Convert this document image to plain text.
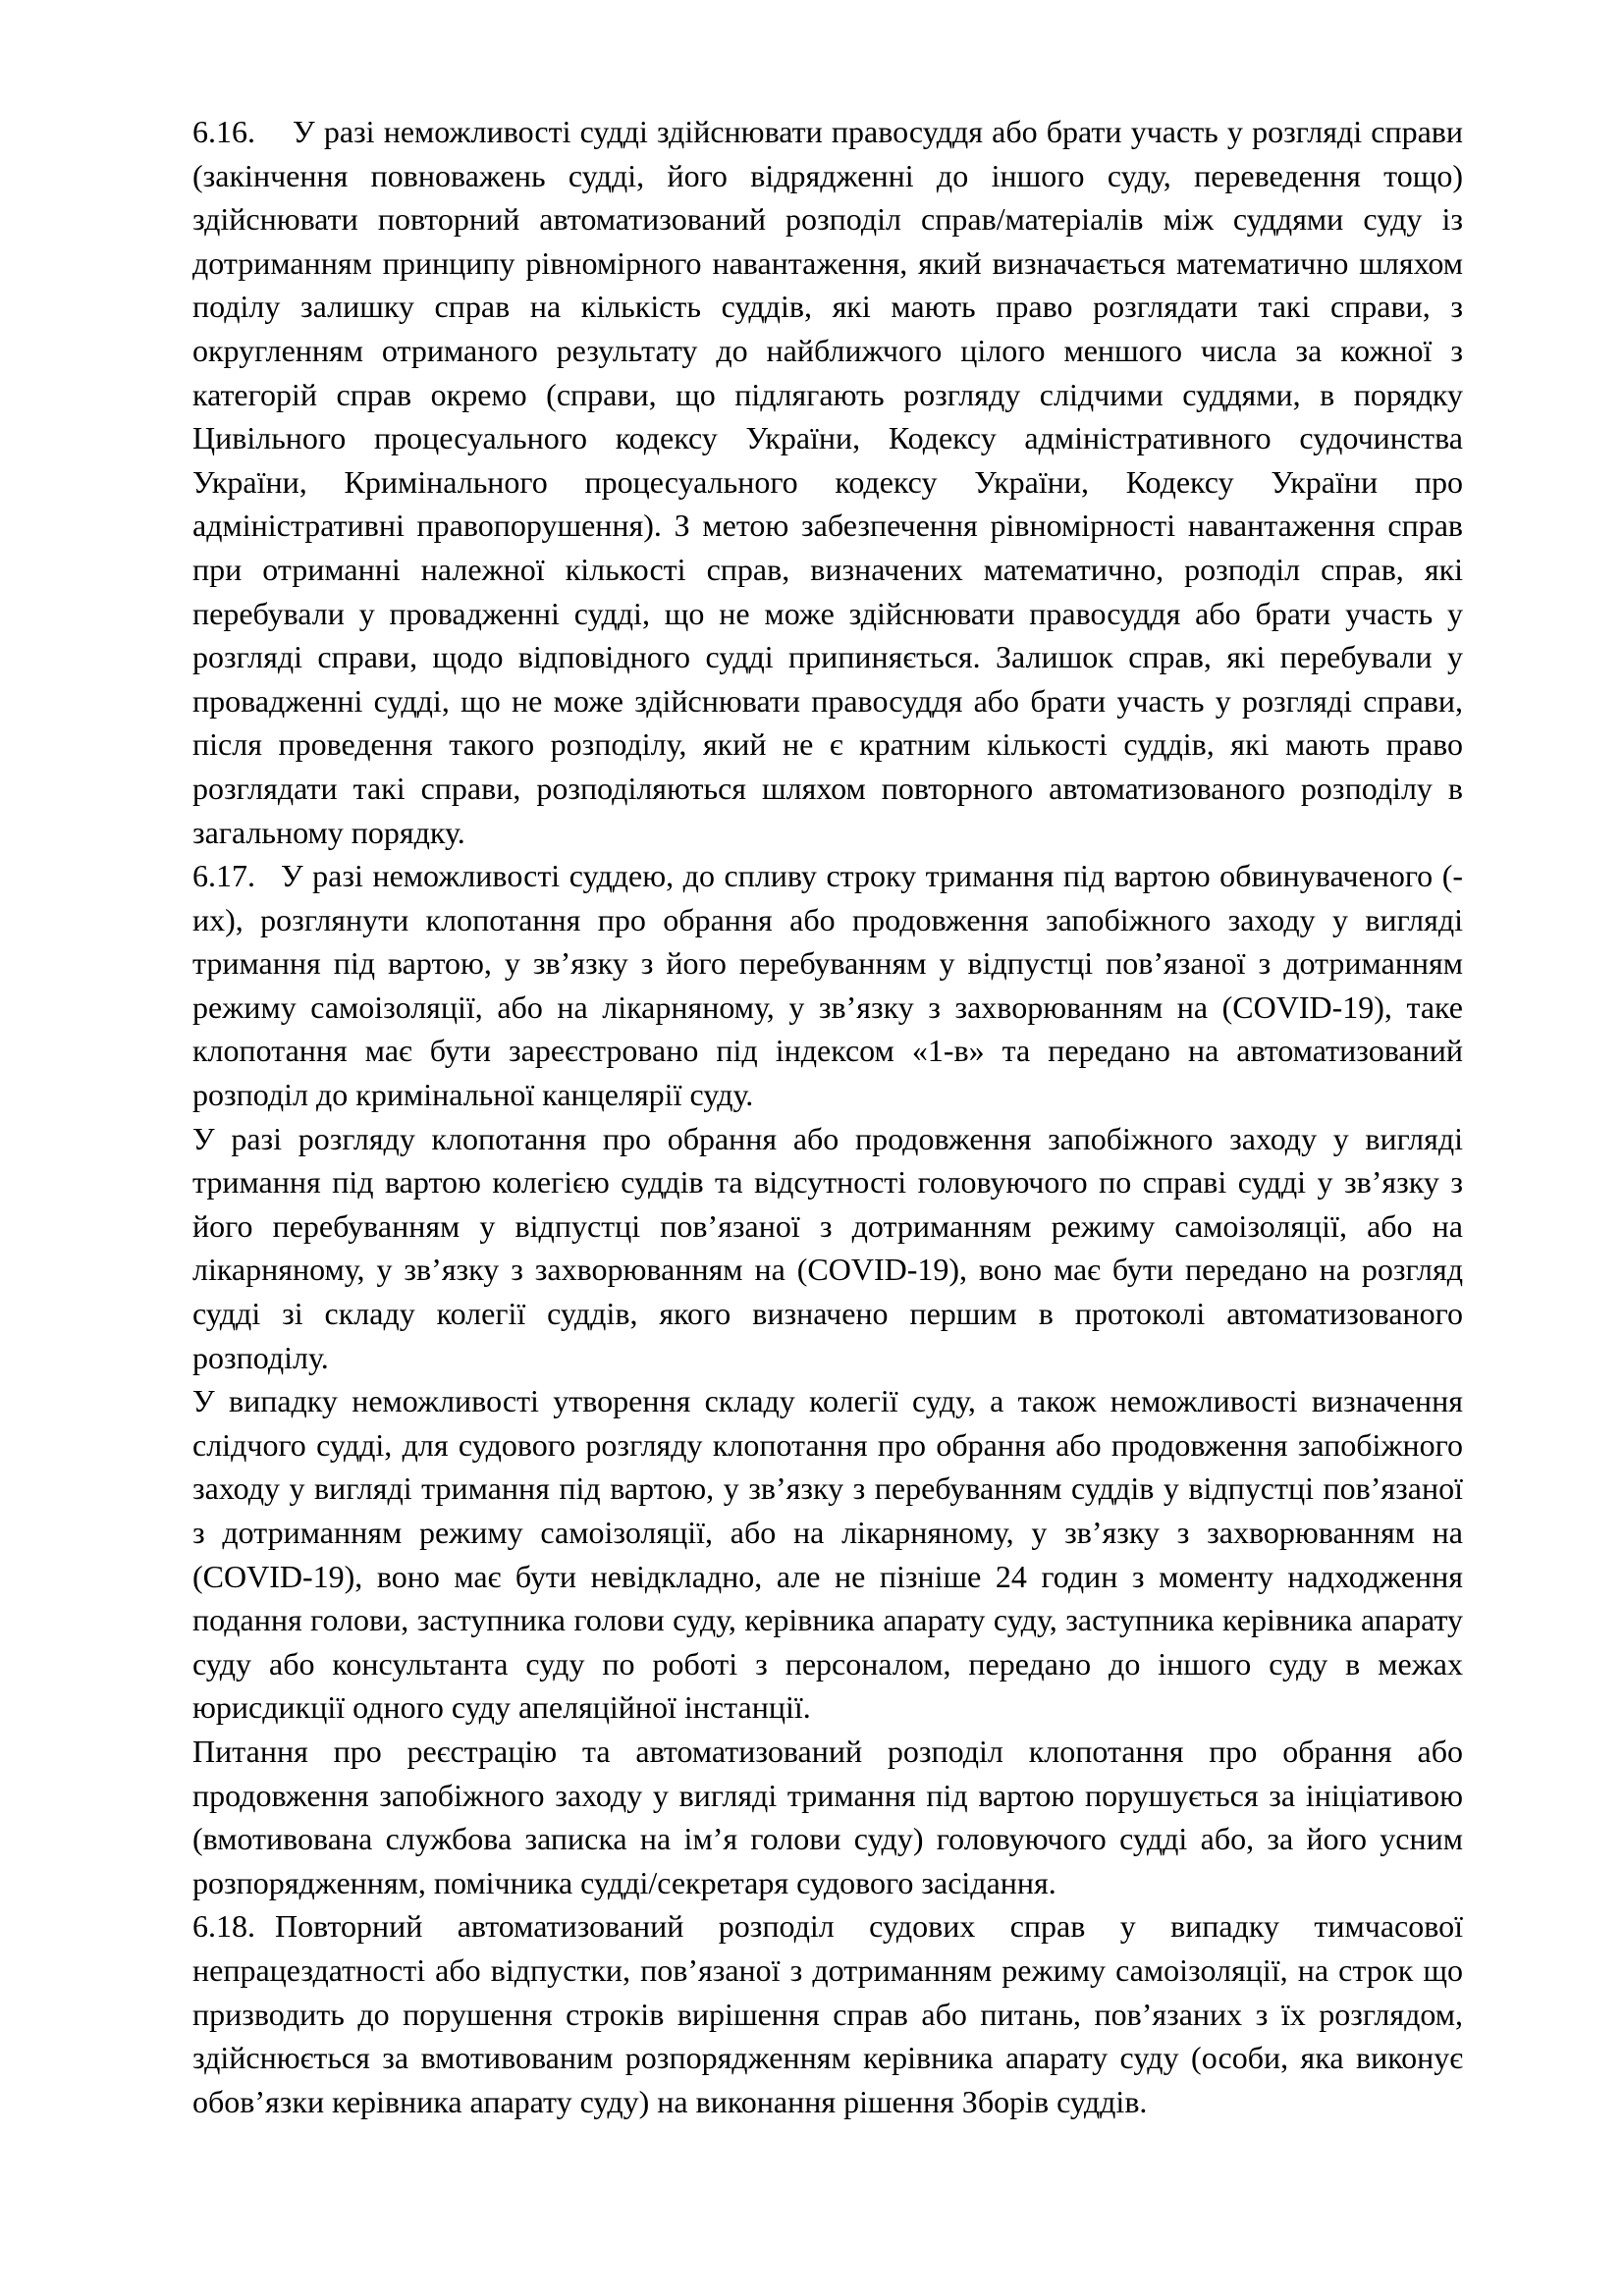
6.16. У разі неможливості судді здійснювати правосуддя або брати участь у розгляді справи (закінчення повноважень судді, його відрядженні до іншого суду, переведення тощо) здійснювати повторний автоматизований розподіл справ/матеріалів між суддями суду із дотриманням принципу рівномірного навантаження, який визначається математично шляхом поділу залишку справ на кількість суддів, які мають право розглядати такі справи, з округленням отриманого результату до найближчого цілого меншого числа за кожної з категорій справ окремо (справи, що підлягають розгляду слідчими суддями, в порядку Цивільного процесуального кодексу України, Кодексу адміністративного судочинства України, Кримінального процесуального кодексу України, Кодексу України про адміністративні правопорушення). З метою забезпечення рівномірності навантаження справ при отриманні належної кількості справ, визначених математично, розподіл справ, які перебували у провадженні судді, що не може здійснювати правосуддя або брати участь у розгляді справи, щодо відповідного судді припиняється. Залишок справ, які перебували у провадженні судді, що не може здійснювати правосуддя або брати участь у розгляді справи, після проведення такого розподілу, який не є кратним кількості суддів, які мають право розглядати такі справи, розподіляються шляхом повторного автоматизованого розподілу в загальному порядку.

6.17. У разі неможливості суддею, до спливу строку тримання під вартою обвинуваченого (-их), розглянути клопотання про обрання або продовження запобіжного заходу у вигляді тримання під вартою, у зв’язку з його перебуванням у відпустці пов’язаної з дотриманням режиму самоізоляції, або на лікарняному, у зв’язку з захворюванням на (COVID-19), таке клопотання має бути зареєстровано під індексом «1-в» та передано на автоматизований розподіл до кримінальної канцелярії суду.

У разі розгляду клопотання про обрання або продовження запобіжного заходу у вигляді тримання під вартою колегією суддів та відсутності головуючого по справі судді у зв’язку з його перебуванням у відпустці пов’язаної з дотриманням режиму самоізоляції, або на лікарняному, у зв’язку з захворюванням на (COVID-19), воно має бути передано на розгляд судді зі складу колегії суддів, якого визначено першим в протоколі автоматизованого розподілу.

У випадку неможливості утворення складу колегії суду, а також неможливості визначення слідчого судді, для судового розгляду клопотання про обрання або продовження запобіжного заходу у вигляді тримання під вартою, у зв’язку з перебуванням суддів у відпустці пов’язаної з дотриманням режиму самоізоляції, або на лікарняному, у зв’язку з захворюванням на (COVID-19), воно має бути невідкладно, але не пізніше 24 годин з моменту надходження подання голови, заступника голови суду, керівника апарату суду, заступника керівника апарату суду або консультанта суду по роботі з персоналом, передано до іншого суду в межах юрисдикції одного суду апеляційної інстанції.

Питання про реєстрацію та автоматизований розподіл клопотання про обрання або продовження запобіжного заходу у вигляді тримання під вартою порушується за ініціативою (вмотивована службова записка на ім’я голови суду) головуючого судді або, за його усним розпорядженням, помічника судді/секретаря судового засідання.

6.18. Повторний автоматизований розподіл судових справ у випадку тимчасової непрацездатності або відпустки, пов’язаної з дотриманням режиму самоізоляції, на строк що призводить до порушення строків вирішення справ або питань, пов’язаних з їх розглядом, здійснюється за вмотивованим розпорядженням керівника апарату суду (особи, яка виконує обов’язки керівника апарату суду) на виконання рішення Зборів суддів.
